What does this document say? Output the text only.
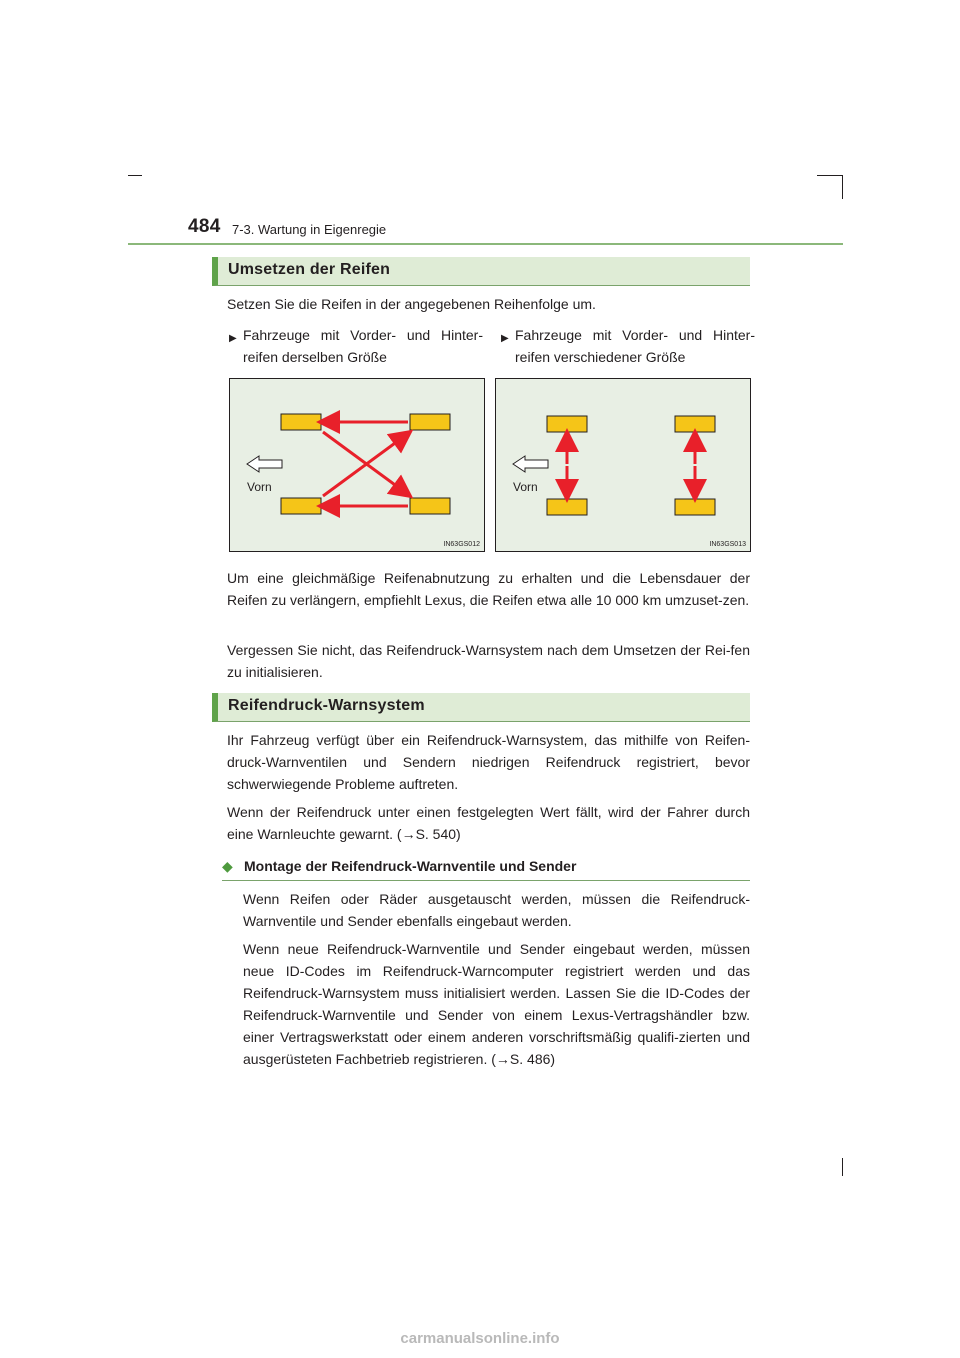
484 7-3. Wartung in Eigenregie
Umsetzen der Reifen
Setzen Sie die Reifen in der angegebenen Reihenfolge um.
▶ Fahrzeuge mit Vorder- und Hinter-reifen derselben Größe
▶ Fahrzeuge mit Vorder- und Hinter-reifen verschiedener Größe
Vorn
IN63GS012
Vorn
IN63GS013
Um eine gleichmäßige Reifenabnutzung zu erhalten und die Lebensdauer der Reifen zu verlängern, empfiehlt Lexus, die Reifen etwa alle 10 000 km umzuset-zen.
Vergessen Sie nicht, das Reifendruck-Warnsystem nach dem Umsetzen der Rei-fen zu initialisieren.
Reifendruck-Warnsystem
Ihr Fahrzeug verfügt über ein Reifendruck-Warnsystem, das mithilfe von Reifen-druck-Warnventilen und Sendern niedrigen Reifendruck registriert, bevor schwerwiegende Probleme auftreten.
Wenn der Reifendruck unter einen festgelegten Wert fällt, wird der Fahrer durch eine Warnleuchte gewarnt. (→S. 540)
◆ Montage der Reifendruck-Warnventile und Sender
Wenn Reifen oder Räder ausgetauscht werden, müssen die Reifendruck-Warnventile und Sender ebenfalls eingebaut werden.
Wenn neue Reifendruck-Warnventile und Sender eingebaut werden, müssen neue ID-Codes im Reifendruck-Warncomputer registriert werden und das Reifendruck-Warnsystem muss initialisiert werden. Lassen Sie die ID-Codes der Reifendruck-Warnventile und Sender von einem Lexus-Vertragshändler bzw. einer Vertragswerkstatt oder einem anderen vorschriftsmäßig qualifi-zierten und ausgerüsteten Fachbetrieb registrieren. (→S. 486)
carmanualsonline.info
